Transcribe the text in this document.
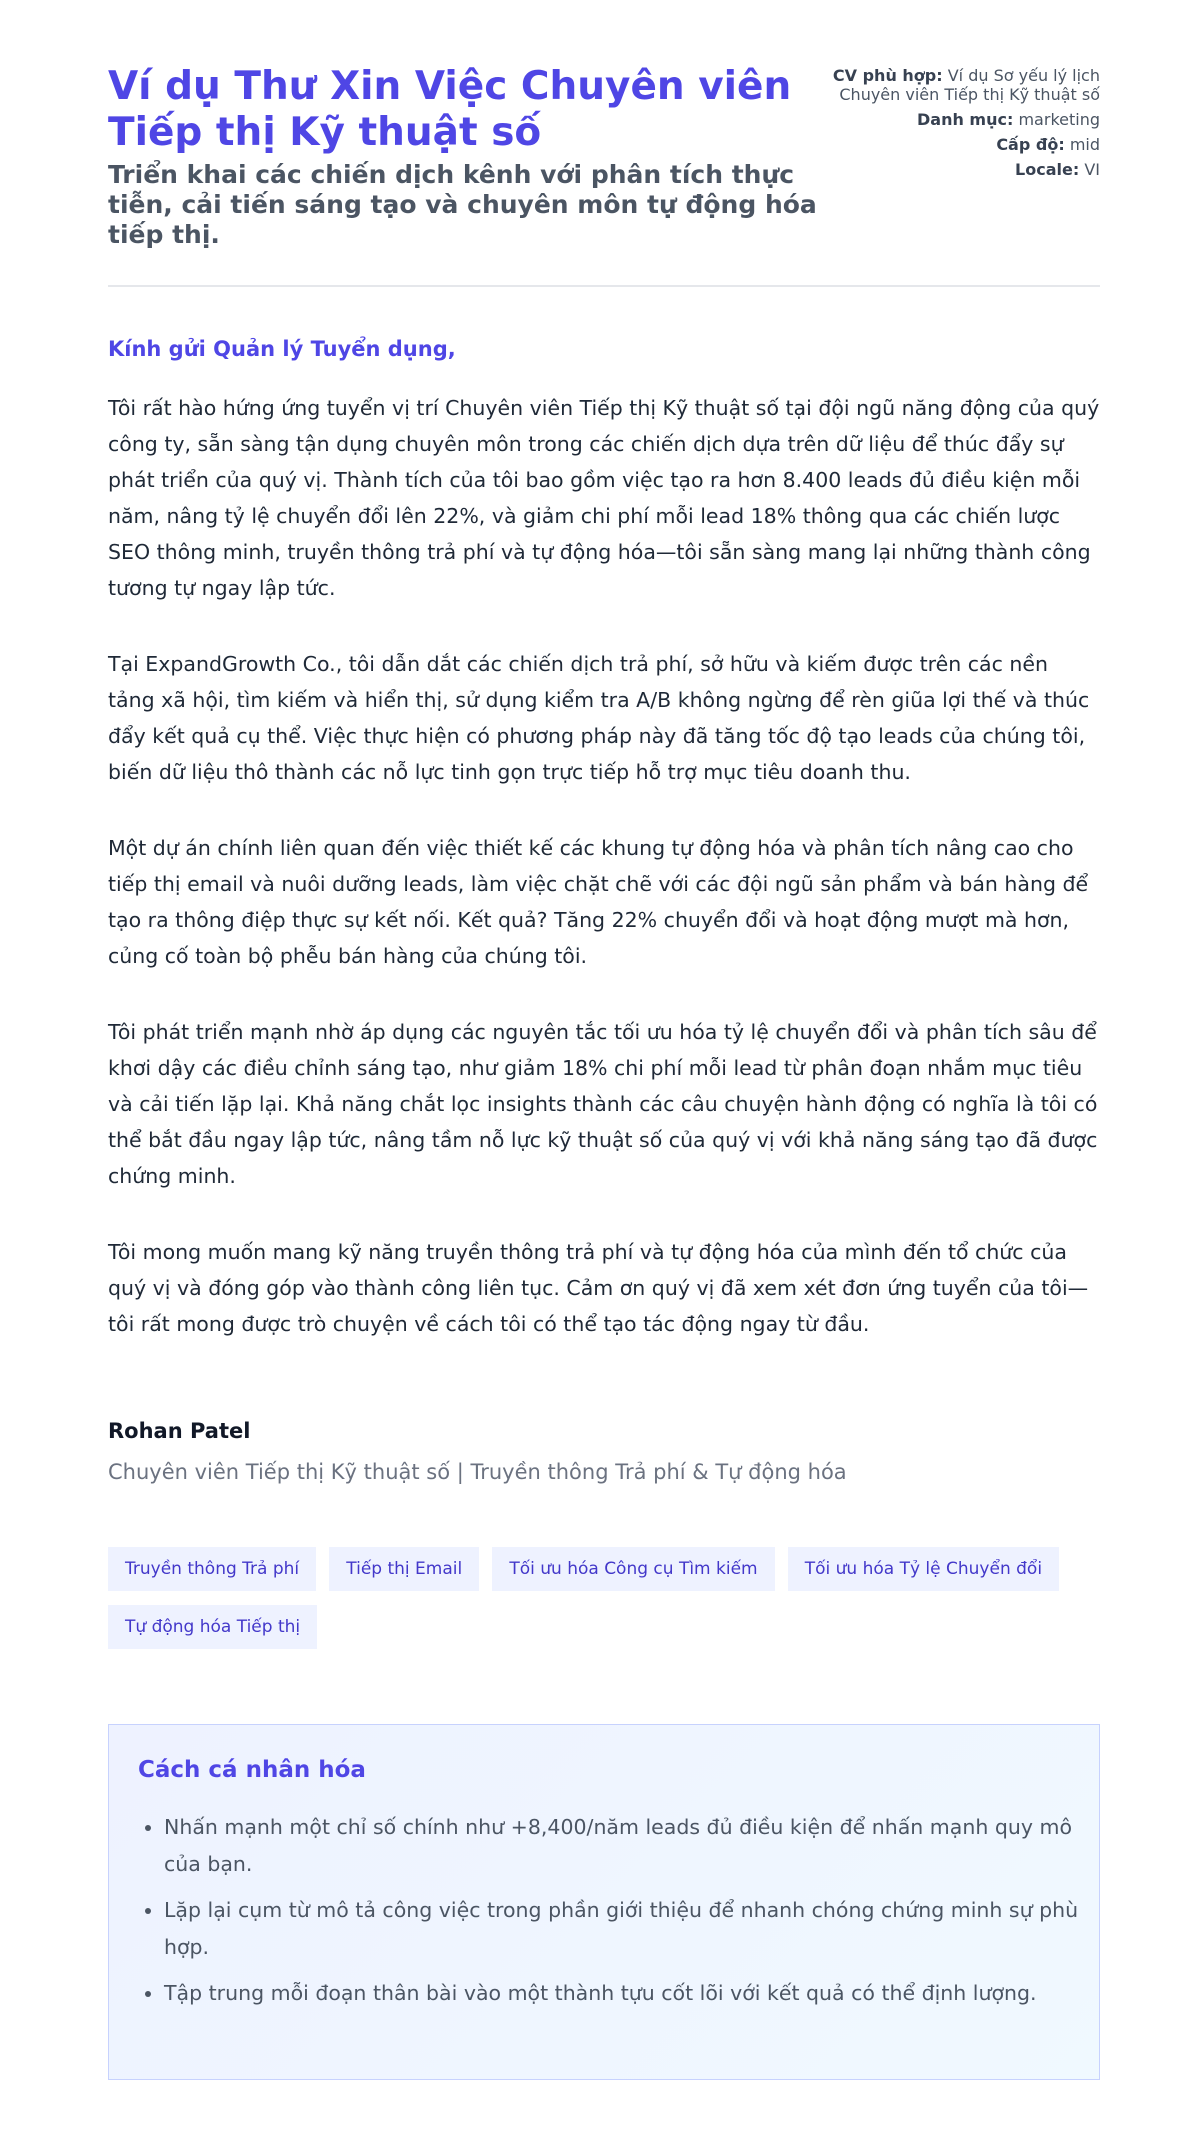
Ví dụ Thư Xin Việc Chuyên viên Tiếp thị Kỹ thuật số
Triển khai các chiến dịch kênh với phân tích thực tiễn, cải tiến sáng tạo và chuyên môn tự động hóa tiếp thị.
CV phù hợp: Ví dụ Sơ yếu lý lịch Chuyên viên Tiếp thị Kỹ thuật số
Danh mục: marketing
Cấp độ: mid
Locale: VI

Kính gửi Quản lý Tuyển dụng,

Tôi rất hào hứng ứng tuyển vị trí Chuyên viên Tiếp thị Kỹ thuật số tại đội ngũ năng động của quý công ty, sẵn sàng tận dụng chuyên môn trong các chiến dịch dựa trên dữ liệu để thúc đẩy sự phát triển của quý vị. Thành tích của tôi bao gồm việc tạo ra hơn 8.400 leads đủ điều kiện mỗi năm, nâng tỷ lệ chuyển đổi lên 22%, và giảm chi phí mỗi lead 18% thông qua các chiến lược SEO thông minh, truyền thông trả phí và tự động hóa—tôi sẵn sàng mang lại những thành công tương tự ngay lập tức.

Tại ExpandGrowth Co., tôi dẫn dắt các chiến dịch trả phí, sở hữu và kiếm được trên các nền tảng xã hội, tìm kiếm và hiển thị, sử dụng kiểm tra A/B không ngừng để rèn giũa lợi thế và thúc đẩy kết quả cụ thể. Việc thực hiện có phương pháp này đã tăng tốc độ tạo leads của chúng tôi, biến dữ liệu thô thành các nỗ lực tinh gọn trực tiếp hỗ trợ mục tiêu doanh thu.

Một dự án chính liên quan đến việc thiết kế các khung tự động hóa và phân tích nâng cao cho tiếp thị email và nuôi dưỡng leads, làm việc chặt chẽ với các đội ngũ sản phẩm và bán hàng để tạo ra thông điệp thực sự kết nối. Kết quả? Tăng 22% chuyển đổi và hoạt động mượt mà hơn, củng cố toàn bộ phễu bán hàng của chúng tôi.

Tôi phát triển mạnh nhờ áp dụng các nguyên tắc tối ưu hóa tỷ lệ chuyển đổi và phân tích sâu để khơi dậy các điều chỉnh sáng tạo, như giảm 18% chi phí mỗi lead từ phân đoạn nhắm mục tiêu và cải tiến lặp lại. Khả năng chắt lọc insights thành các câu chuyện hành động có nghĩa là tôi có thể bắt đầu ngay lập tức, nâng tầm nỗ lực kỹ thuật số của quý vị với khả năng sáng tạo đã được chứng minh.

Tôi mong muốn mang kỹ năng truyền thông trả phí và tự động hóa của mình đến tổ chức của quý vị và đóng góp vào thành công liên tục. Cảm ơn quý vị đã xem xét đơn ứng tuyển của tôi—tôi rất mong được trò chuyện về cách tôi có thể tạo tác động ngay từ đầu.

Rohan Patel

Chuyên viên Tiếp thị Kỹ thuật số | Truyền thông Trả phí & Tự động hóa

Truyền thông Trả phí	Tiếp thị Email	Tối ưu hóa Công cụ Tìm kiếm	Tối ưu hóa Tỷ lệ Chuyển đổi Tự động hóa Tiếp thị
Cách cá nhân hóa
• Nhấn mạnh một chỉ số chính như +8,400/năm leads đủ điều kiện để nhấn mạnh quy mô của bạn.
• Lặp lại cụm từ mô tả công việc trong phần giới thiệu để nhanh chóng chứng minh sự phù hợp.
• Tập trung mỗi đoạn thân bài vào một thành tựu cốt lõi với kết quả có thể định lượng.
